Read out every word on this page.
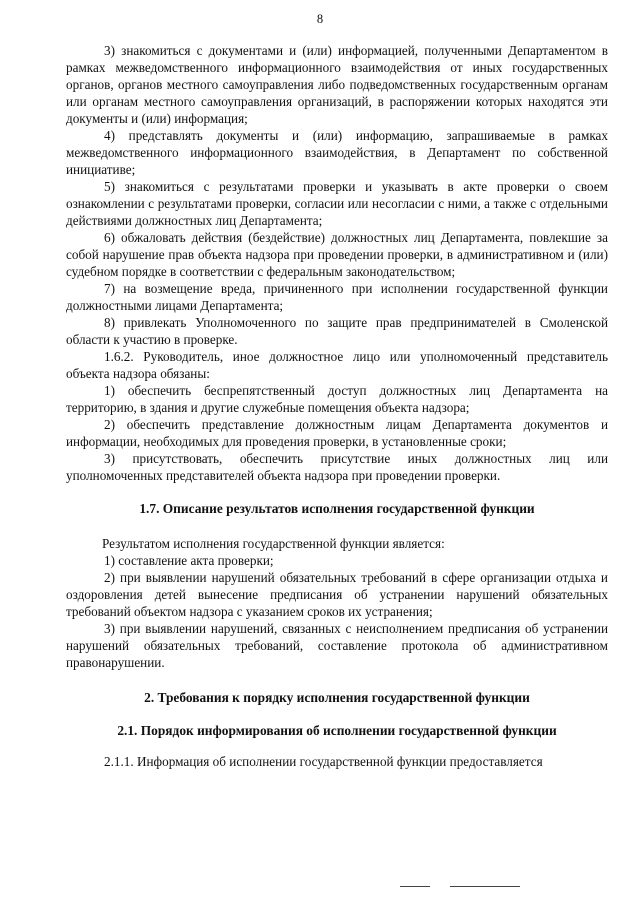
8

3) знакомиться с документами и (или) информацией, полученными Департаментом в рамках межведомственного информационного взаимодействия от иных государственных органов, органов местного самоуправления либо подведомственных государственным органам или органам местного самоуправления организаций, в распоряжении которых находятся эти документы и (или) информация;

4) представлять документы и (или) информацию, запрашиваемые в рамках межведомственного информационного взаимодействия, в Департамент по собственной инициативе;

5) знакомиться с результатами проверки и указывать в акте проверки о своем ознакомлении с результатами проверки, согласии или несогласии с ними, а также с отдельными действиями должностных лиц Департамента;

6) обжаловать действия (бездействие) должностных лиц Департамента, повлекшие за собой нарушение прав объекта надзора при проведении проверки, в административном и (или) судебном порядке в соответствии с федеральным законодательством;

7) на возмещение вреда, причиненного при исполнении государственной функции должностными лицами Департамента;

8) привлекать Уполномоченного по защите прав предпринимателей в Смоленской области к участию в проверке.

1.6.2. Руководитель, иное должностное лицо или уполномоченный представитель объекта надзора обязаны:

1) обеспечить беспрепятственный доступ должностных лиц Департамента на территорию, в здания и другие служебные помещения объекта надзора;

2) обеспечить представление должностным лицам Департамента документов и информации, необходимых для проведения проверки, в установленные сроки;

3) присутствовать, обеспечить присутствие иных должностных лиц или уполномоченных представителей объекта надзора при проведении проверки.

1.7. Описание результатов исполнения государственной функции

Результатом исполнения государственной функции является:

1) составление акта проверки;

2) при выявлении нарушений обязательных требований в сфере организации отдыха и оздоровления детей вынесение предписания об устранении нарушений обязательных требований объектом надзора с указанием сроков их устранения;

3) при выявлении нарушений, связанных с неисполнением предписания об устранении нарушений обязательных требований, составление протокола об административном правонарушении.

2. Требования к порядку исполнения государственной функции
2.1. Порядок информирования об исполнении государственной функции

2.1.1. Информация об исполнении государственной функции предоставляется
